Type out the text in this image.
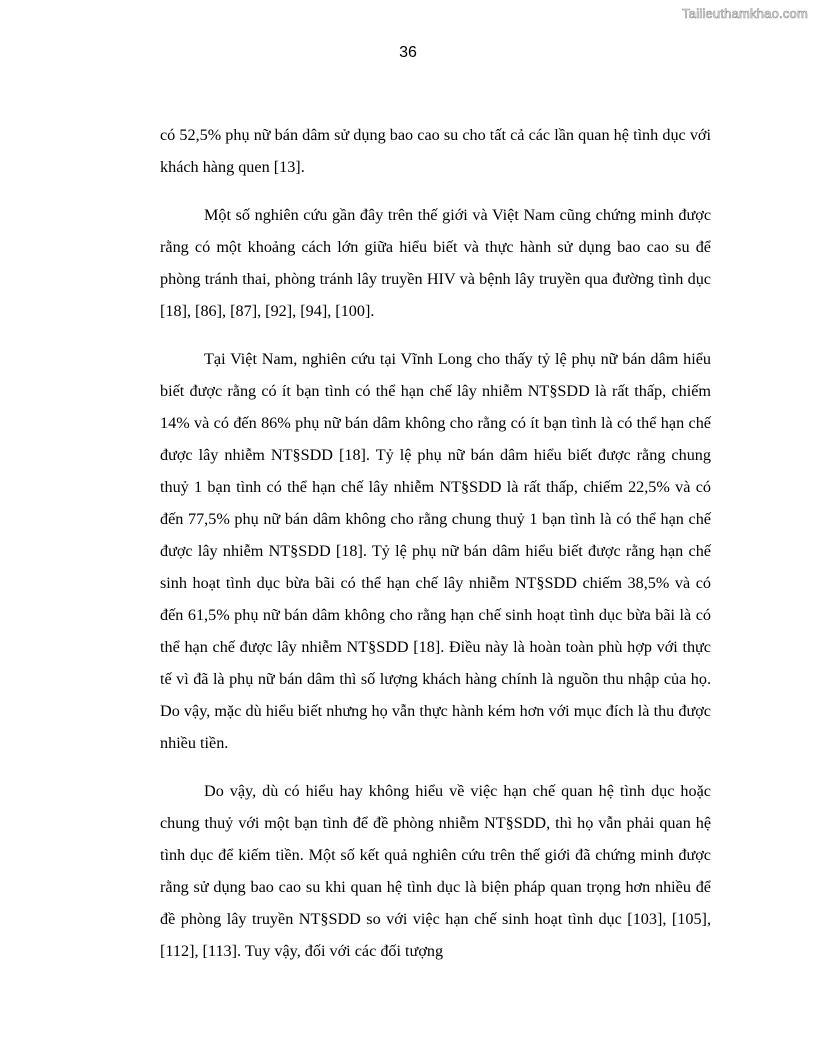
Tailieuthamkhao.com
36

có 52,5% phụ nữ bán dâm sử dụng bao cao su cho tất cả các lần quan hệ tình dục với khách hàng quen [13].

Một số nghiên cứu gần đây trên thế giới và Việt Nam cũng chứng minh được rằng có một khoảng cách lớn giữa hiểu biết và thực hành sử dụng bao cao su để phòng tránh thai, phòng tránh lây truyền HIV và bệnh lây truyền qua đường tình dục [18], [86], [87], [92], [94], [100].

Tại Việt Nam, nghiên cứu tại Vĩnh Long cho thấy tỷ lệ phụ nữ bán dâm hiểu biết được rằng có ít bạn tình có thể hạn chế lây nhiễm NT§SDD là rất thấp, chiếm 14% và có đến 86% phụ nữ bán dâm không cho rằng có ít bạn tình là có thể hạn chế được lây nhiễm NT§SDD [18]. Tỷ lệ phụ nữ bán dâm hiểu biết được rằng chung thuỷ 1 bạn tình có thể hạn chế lây nhiễm NT§SDD là rất thấp, chiếm 22,5% và có đến 77,5% phụ nữ bán dâm không cho rằng chung thuỷ 1 bạn tình là có thể hạn chế được lây nhiễm NT§SDD [18]. Tỷ lệ phụ nữ bán dâm hiểu biết được rằng hạn chế sinh hoạt tình dục bừa bãi có thể hạn chế lây nhiễm NT§SDD chiếm 38,5% và có đến 61,5% phụ nữ bán dâm không cho rằng hạn chế sinh hoạt tình dục bừa bãi là có thể hạn chế được lây nhiễm NT§SDD [18]. Điều này là hoàn toàn phù hợp với thực tế vì đã là phụ nữ bán dâm thì số lượng khách hàng chính là nguồn thu nhập của họ. Do vậy, mặc dù hiểu biết nhưng họ vẫn thực hành kém hơn với mục đích là thu được nhiều tiền.

Do vậy, dù có hiểu hay không hiểu về việc hạn chế quan hệ tình dục hoặc chung thuỷ với một bạn tình để đề phòng nhiễm NT§SDD, thì họ vẫn phải quan hệ tình dục để kiếm tiền. Một số kết quả nghiên cứu trên thế giới đã chứng minh được rằng sử dụng bao cao su khi quan hệ tình dục là biện pháp quan trọng hơn nhiều để đề phòng lây truyền NT§SDD so với việc hạn chế sinh hoạt tình dục [103], [105], [112], [113]. Tuy vậy, đối với các đối tượng
